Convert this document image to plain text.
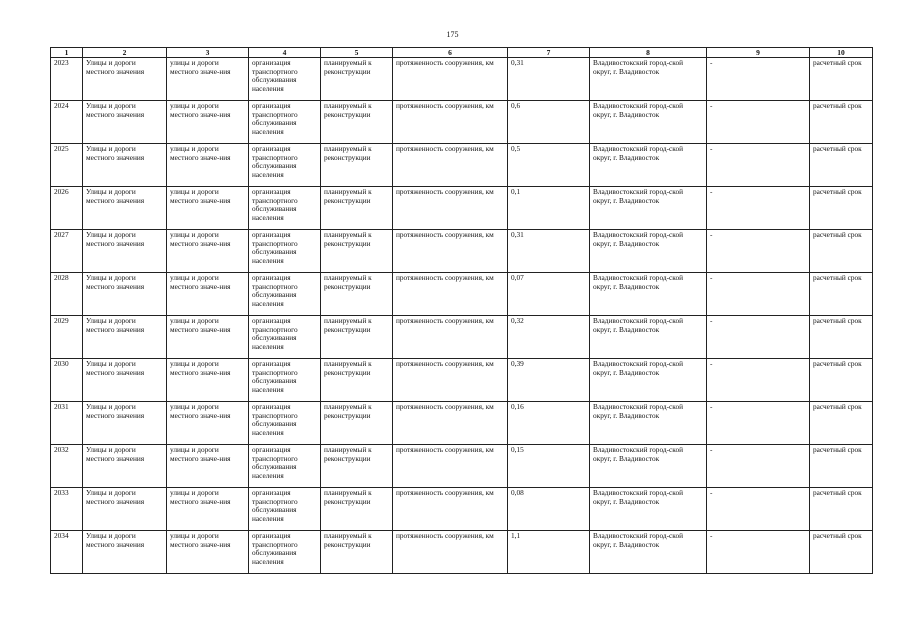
175
1	2	3	4	5	6	7	8	9	10
2023	Улицы и дороги местного значения	улицы и дороги местного значе-ния	организация транспортного обслуживания населения	планируемый к реконструкции	протяженность сооружения, км	0,31	Владивостокский город-ской округ, г. Владивосток	-	расчетный срок
2024	Улицы и дороги местного значения	улицы и дороги местного значе-ния	организация транспортного обслуживания населения	планируемый к реконструкции	протяженность сооружения, км	0,6	Владивостокский город-ской округ, г. Владивосток	-	расчетный срок
2025	Улицы и дороги местного значения	улицы и дороги местного значе-ния	организация транспортного обслуживания населения	планируемый к реконструкции	протяженность сооружения, км	0,5	Владивостокский город-ской округ, г. Владивосток	-	расчетный срок
2026	Улицы и дороги местного значения	улицы и дороги местного значе-ния	организация транспортного обслуживания населения	планируемый к реконструкции	протяженность сооружения, км	0,1	Владивостокский город-ской округ, г. Владивосток	-	расчетный срок
2027	Улицы и дороги местного значения	улицы и дороги местного значе-ния	организация транспортного обслуживания населения	планируемый к реконструкции	протяженность сооружения, км	0,31	Владивостокский город-ской округ, г. Владивосток	-	расчетный срок
2028	Улицы и дороги местного значения	улицы и дороги местного значе-ния	организация транспортного обслуживания населения	планируемый к реконструкции	протяженность сооружения, км	0,07	Владивостокский город-ской округ, г. Владивосток	-	расчетный срок
2029	Улицы и дороги местного значения	улицы и дороги местного значе-ния	организация транспортного обслуживания населения	планируемый к реконструкции	протяженность сооружения, км	0,32	Владивостокский город-ской округ, г. Владивосток	-	расчетный срок
2030	Улицы и дороги местного значения	улицы и дороги местного значе-ния	организация транспортного обслуживания населения	планируемый к реконструкции	протяженность сооружения, км	0,39	Владивостокский город-ской округ, г. Владивосток	-	расчетный срок
2031	Улицы и дороги местного значения	улицы и дороги местного значе-ния	организация транспортного обслуживания населения	планируемый к реконструкции	протяженность сооружения, км	0,16	Владивостокский город-ской округ, г. Владивосток	-	расчетный срок
2032	Улицы и дороги местного значения	улицы и дороги местного значе-ния	организация транспортного обслуживания населения	планируемый к реконструкции	протяженность сооружения, км	0,15	Владивостокский город-ской округ, г. Владивосток	-	расчетный срок
2033	Улицы и дороги местного значения	улицы и дороги местного значе-ния	организация транспортного обслуживания населения	планируемый к реконструкции	протяженность сооружения, км	0,08	Владивостокский город-ской округ, г. Владивосток	-	расчетный срок
2034	Улицы и дороги местного значения	улицы и дороги местного значе-ния	организация транспортного обслуживания населения	планируемый к реконструкции	протяженность сооружения, км	1,1	Владивостокский город-ской округ, г. Владивосток	-	расчетный срок
